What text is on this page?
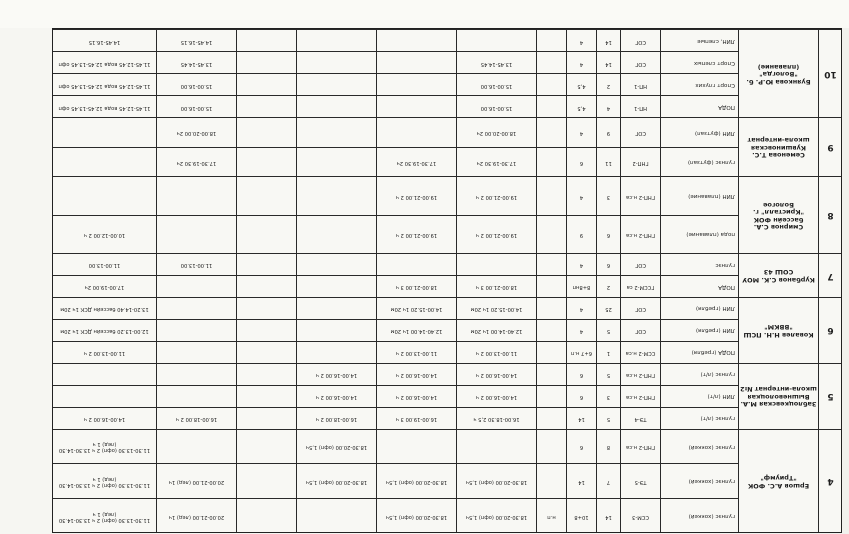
4	Ершов А.С. ФОК "Триумф"	гулнэс (хоккей)	ССМ-3	14	10+8	н.п	18.30-20.00 (офп) 1,5ч	18.30-20.00 (офп) 1,5ч			20.00-21.00 (лед) 1ч	11.30-13.30 (офп) 2 ч 13.30-14.30 (лед) 1 ч
		гулнэс (хоккей)	ТЭ-5	7	14		18.30-20.00 (офп) 1,5ч	18.30-20.00 (офп) 1,5ч	18.30-20.00 (офп) 1,5ч		20.00-21.00 (лед) 1ч	11.30-13.30 (офп) 2 ч 13.30-14.30 (лед) 1 ч
		гулнэс (хоккей)	ГНП-2 н.са	8	6				18.30-20.00 (офп) 1,5ч			11.30-13.30 (офп) 2 ч 13.30-14.30 (лед) 1 ч
5	Заблоцкевская М.А. Вышневолоцкая школа-интернат №2	гулнэс (л/т)	ТЭ-4	5	14		16.00-18.30 2,5 ч	16.00-19.00 3 ч	16.00-18.00 2 ч		16.00-18.00 2 ч	14.00-16.00 2 ч
		ЛИН (л/т)	ГНП-2 н.са	3	6		14.00-16.00 2 ч	14.00-16.00 2 ч	14.00-16.00 2 ч			
		гулнэс (л/т)	ГНП-2 н.са	5	6		14.00-16.00 2 ч	14.00-16.00 2 ч	14.00-16.00 2 ч			
6	Ковалев Н.Н. ПСШ "ВВКМ"	ПОДА (гребля)	ССМ-2 н.са	1	6+7 н.п		11.00-13.00 2 ч	11.00-13.00 2 ч				11.00-13.00 2 ч
		ЛИН (гребля)	СОГ	5	4		12.40-14.00 1ч 20м	12.40-14.00 1ч 20м				12.00-13.20 бассейн ДСК 1ч 20м
		ЛИН (гребля)	СОГ	25	4		14.00-15.20 1ч 20м	14.00-15.20 1ч 20м				13.20-14.40 бассейн ДСК 1ч 20м
7	Курбанов С.К. МОУ СОШ 43	ПОДА	ГССМ-2 са	2	8+8нп		18.00-21.00 3 ч	18.00-21.00 3 ч				17.00-19.00 2ч
		гулнэс	СОГ	6	4						11.00-13.00	11.00-13.00
8	Смирнов С.А. бассейн ФОК "Кристалл" г. Бологое	пода (плавание)	ГНП-2 н.са	6	9		19.00-21.00 2 ч	19.00-21.00 2 ч				10.00-12.00 2 ч
		ЛИН (плавание)	ГНП-2 н.са	3	4		19.00-21.00 2 ч	19.00-21.00 2 ч				
9	Семенова Т.С. Кувшиновская школа-интернат	гулнэс (футзал)	ГНП-2	11	6		17.30-19.30 2ч	17.30-19.30 2ч			17.30-19.30 2ч	
		ЛИН (футзал)	СОГ	9	4		18.00-20.00 2ч				18.00-20.00 2ч	
10	Буянкова Ю.Р. б. "Вологда" (плавание)	ПОДА	НП-1	4	4,5		15.00-16.00				15.00-16.00	11.45-12.45 вода 12.45-13.45 офп
		Спорт глухих	НП-1	2	4,5		15.00-16.00				15.00-16.00	11.45-12.45 вода 12.45-13.45 офп
		Спорт слепых	СОГ	14	4		13.45-14.45				13.45-14.45	11.45-12.45 вода 12.45-13.45 офп
		ЛИН, слепые	СОГ	14	4						14.45-16.15	14.45-16.15
